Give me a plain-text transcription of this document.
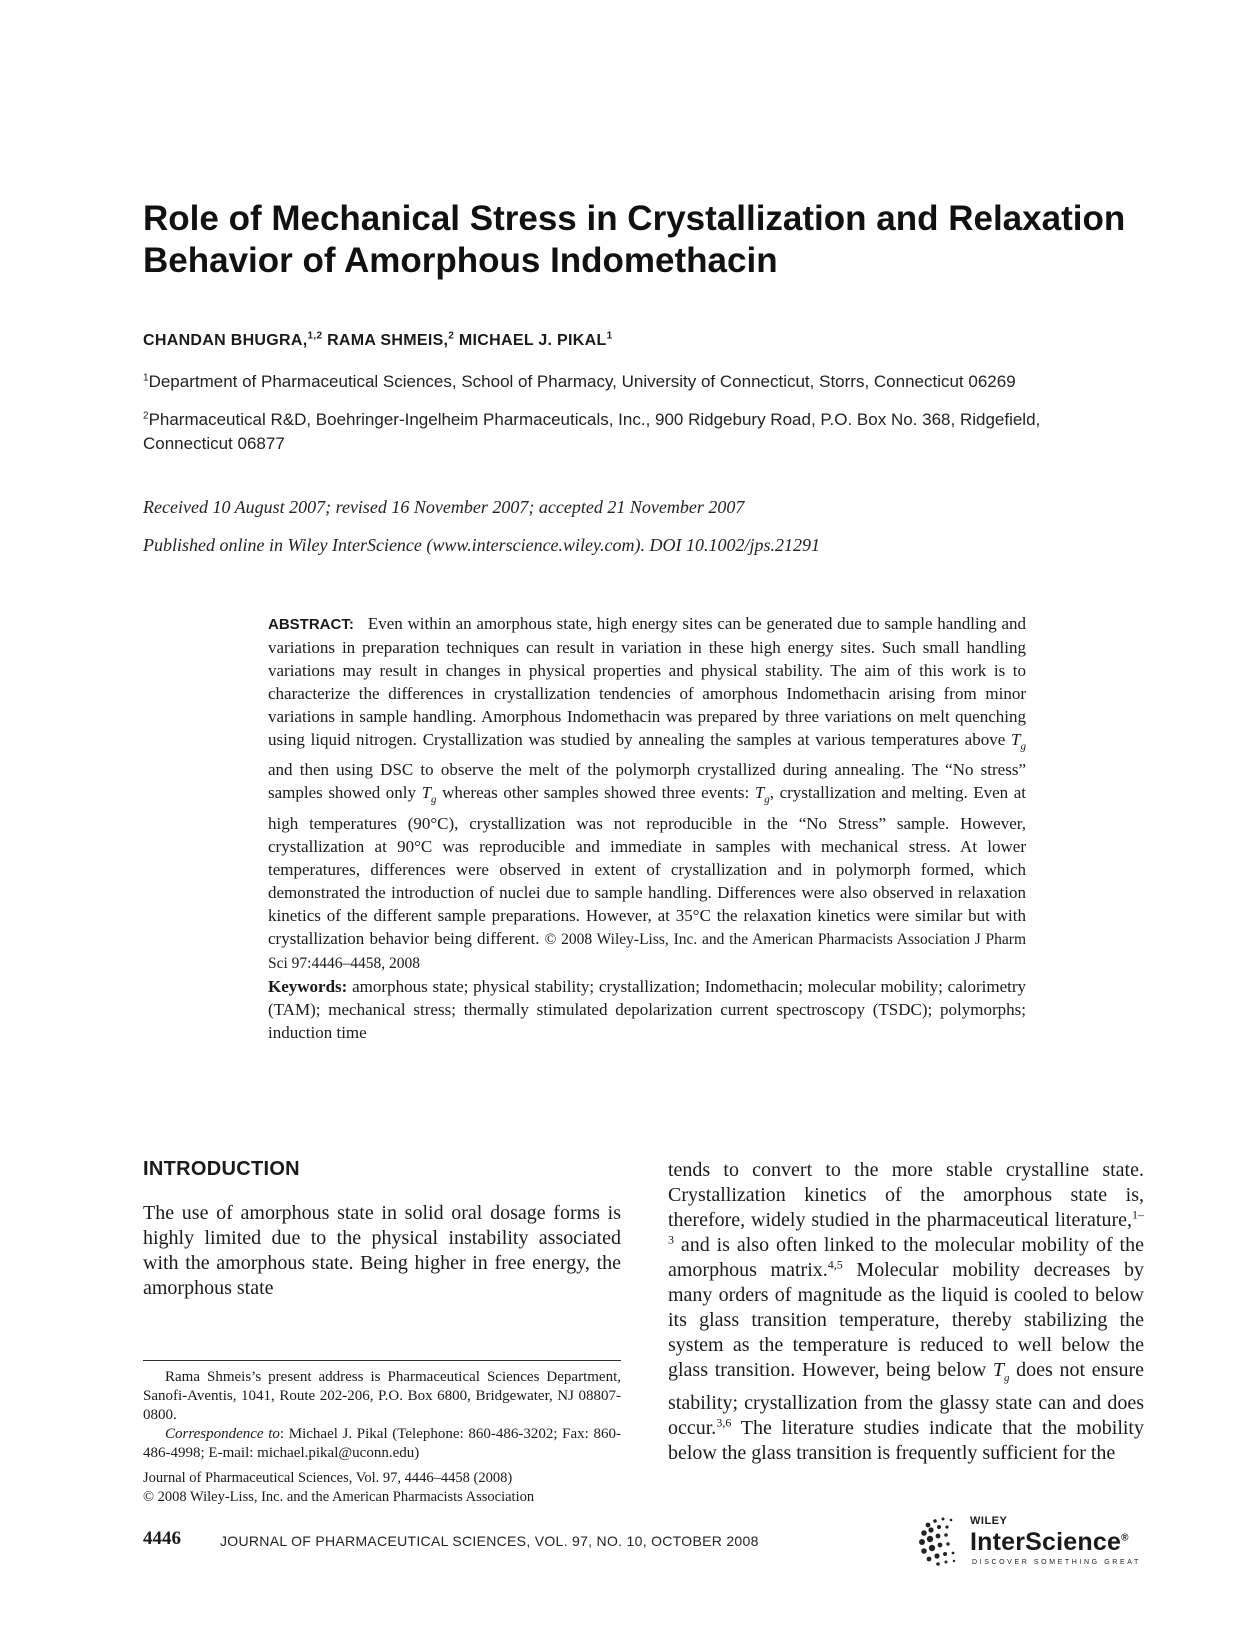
Role of Mechanical Stress in Crystallization and Relaxation Behavior of Amorphous Indomethacin
CHANDAN BHUGRA,$^{1,2}$ RAMA SHMEIS,$^2$ MICHAEL J. PIKAL$^1$
$^1$Department of Pharmaceutical Sciences, School of Pharmacy, University of Connecticut, Storrs, Connecticut 06269
$^2$Pharmaceutical R&D, Boehringer-Ingelheim Pharmaceuticals, Inc., 900 Ridgebury Road, P.O. Box No. 368, Ridgefield, Connecticut 06877
Received 10 August 2007; revised 16 November 2007; accepted 21 November 2007
Published online in Wiley InterScience (www.interscience.wiley.com). DOI 10.1002/jps.21291
ABSTRACT: Even within an amorphous state, high energy sites can be generated due to sample handling and variations in preparation techniques can result in variation in these high energy sites. Such small handling variations may result in changes in physical properties and physical stability. The aim of this work is to characterize the differences in crystallization tendencies of amorphous Indomethacin arising from minor variations in sample handling. Amorphous Indomethacin was prepared by three variations on melt quenching using liquid nitrogen. Crystallization was studied by annealing the samples at various temperatures above $T_g$ and then using DSC to observe the melt of the polymorph crystallized during annealing. The “No stress” samples showed only $T_g$ whereas other samples showed three events: $T_g$, crystallization and melting. Even at high temperatures (90°C), crystallization was not reproducible in the “No Stress” sample. However, crystallization at 90°C was reproducible and immediate in samples with mechanical stress. At lower temperatures, differences were observed in extent of crystallization and in polymorph formed, which demonstrated the introduction of nuclei due to sample handling. Differences were also observed in relaxation kinetics of the different sample preparations. However, at 35°C the relaxation kinetics were similar but with crystallization behavior being different. © 2008 Wiley-Liss, Inc. and the American Pharmacists Association J Pharm Sci 97:4446–4458, 2008
Keywords: amorphous state; physical stability; crystallization; Indomethacin; molecular mobility; calorimetry (TAM); mechanical stress; thermally stimulated depolarization current spectroscopy (TSDC); polymorphs; induction time
INTRODUCTION

The use of amorphous state in solid oral dosage forms is highly limited due to the physical instability associated with the amorphous state. Being higher in free energy, the amorphous state

Rama Shmeis’s present address is Pharmaceutical Sciences Department, Sanofi-Aventis, 1041, Route 202-206, P.O. Box 6800, Bridgewater, NJ 08807-0800.

Correspondence to: Michael J. Pikal (Telephone: 860-486-3202; Fax: 860-486-4998; E-mail: michael.pikal@uconn.edu)

Journal of Pharmaceutical Sciences, Vol. 97, 4446–4458 (2008)
© 2008 Wiley-Liss, Inc. and the American Pharmacists Association

tends to convert to the more stable crystalline state. Crystallization kinetics of the amorphous state is, therefore, widely studied in the pharmaceutical literature,$^{1-3}$ and is also often linked to the molecular mobility of the amorphous matrix.$^{4,5}$ Molecular mobility decreases by many orders of magnitude as the liquid is cooled to below its glass transition temperature, thereby stabilizing the system as the temperature is reduced to well below the glass transition. However, being below $T_g$ does not ensure stability; crystallization from the glassy state can and does occur.$^{3,6}$ The literature studies indicate that the mobility below the glass transition is frequently sufficient for the

4446	JOURNAL OF PHARMACEUTICAL SCIENCES, VOL. 97, NO. 10, OCTOBER 2008
WILEY
InterScience®
DISCOVER SOMETHING GREAT
